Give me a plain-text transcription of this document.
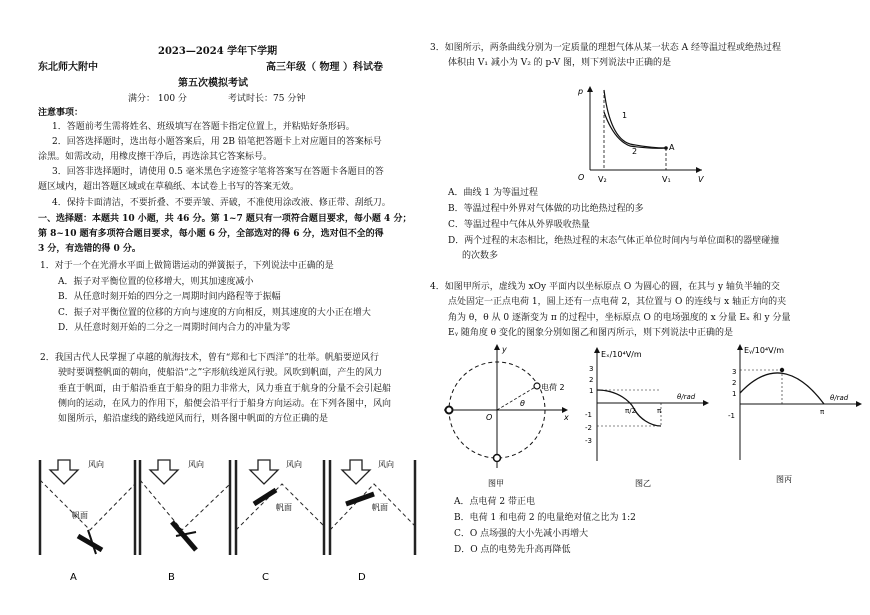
2023—2024 学年下学期
东北师大附中	高三年级（ 物理 ）科试卷
第五次模拟考试
满分： 100 分	考试时长：75 分钟
注意事项：
1．答题前考生需将姓名、班级填写在答题卡指定位置上，并粘贴好条形码。
2．回答选择题时，选出每小题答案后，用 2B 铅笔把答题卡上对应题目的答案标号
涂黑。如需改动，用橡皮擦干净后，再选涂其它答案标号。
3．回答非选择题时，请使用 0.5 毫米黑色字迹签字笔将答案写在答题卡各题目的答
题区域内，超出答题区域或在草稿纸、本试卷上书写的答案无效。
4．保持卡面清洁，不要折叠、不要弄皱、弄破，不准使用涂改液、修正带、刮纸刀。
一、选择题：本题共 10 小题，共 46 分。第 1~7 题只有一项符合题目要求，每小题 4 分；
第 8~10 题有多项符合题目要求，每小题 6 分，全部选对的得 6 分，选对但不全的得
3 分，有选错的得 0 分。
1．对于一个在光滑水平面上做简谐运动的弹簧振子，下列说法中正确的是
A．振子对平衡位置的位移增大，则其加速度减小
B．从任意时刻开始的四分之一周期时间内路程等于振幅
C．振子对平衡位置的位移的方向与速度的方向相反，则其速度的大小正在增大
D．从任意时刻开始的二分之一周期时间内合力的冲量为零
2．我国古代人民掌握了卓越的航海技术，曾有“郑和七下西洋”的壮举。帆船要逆风行
驶时要调整帆面的朝向，使船沿“之”字形航线逆风行驶。风吹到帆面，产生的风力
垂直于帆面，由于船沿垂直于船身的阻力非常大，风力垂直于航身的分量不会引起船
侧向的运动，在风力的作用下，船便会沿平行于船身方向运动。在下列各图中，风向
如图所示，船沿虚线的路线逆风而行，则各图中帆面的方位正确的是
风向
帆面
A
风向
B
风向
帆面
C
风向
帆面
D
3．如图所示，两条曲线分别为一定质量的理想气体从某一状态 A 经等温过程或绝热过程
体积由 V₁ 减小为 V₂ 的 p-V 图，则下列说法中正确的是
p
O	V
A
1
2
V₂	V₁
A．曲线 1 为等温过程
B．等温过程中外界对气体做的功比绝热过程的多
C．等温过程中气体从外界吸收热量
D．两个过程的末态相比，绝热过程的末态气体正单位时间内与单位面积的器壁碰撞
的次数多
4．如图甲所示，虚线为 xOy 平面内以坐标原点 O 为圆心的圆，在其与 y 轴负半轴的交
点处固定一正点电荷 1，圆上还有一点电荷 2，其位置与 O 的连线与 x 轴正方向的夹
角为 θ，θ 从 0 逐渐变为 π 的过程中，坐标原点 O 的电场强度的 x 分量 Eₓ 和 y 分量
Eᵧ 随角度 θ 变化的图象分别如图乙和图丙所示，则下列说法中正确的是
y
x
O
电荷 2
θ
图甲
Eₓ/10⁴V/m
θ/rad
3
2
1
-1
-2
-3
π/2	π
图乙
Eᵧ/10⁴V/m
θ/rad
3
2
1
-1	π
图丙
A．点电荷 2 带正电
B．电荷 1 和电荷 2 的电量绝对值之比为 1:2
C．O 点场强的大小先减小再增大
D．O 点的电势先升高再降低
